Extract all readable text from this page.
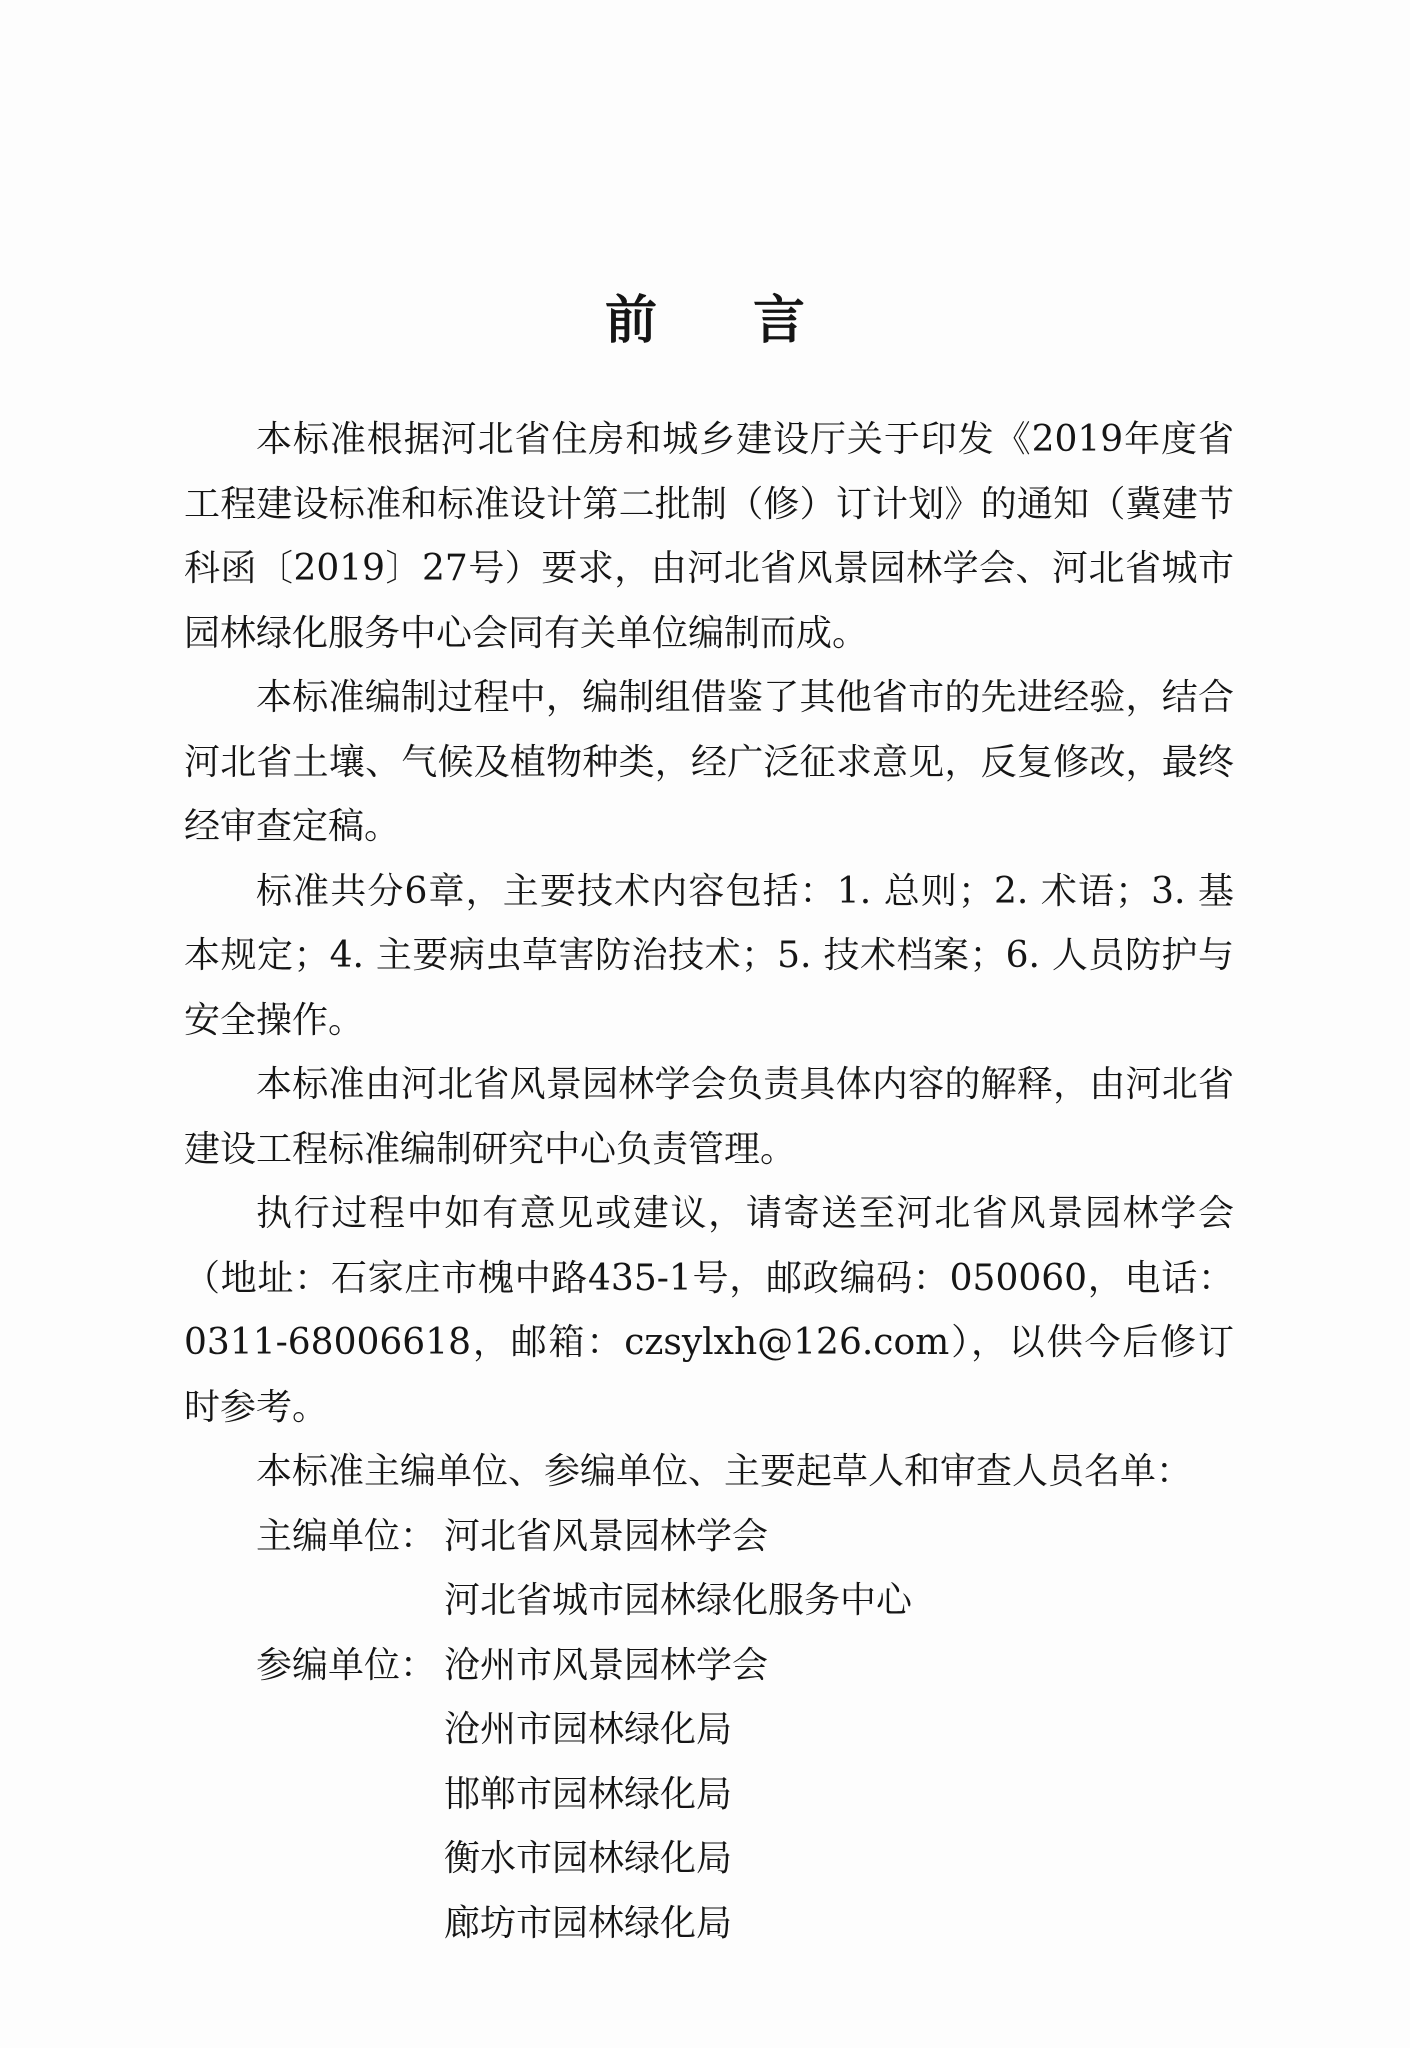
前 言

本标准根据河北省住房和城乡建设厅关于印发《2019年度省工程建设标准和标准设计第二批制（修）订计划》的通知（冀建节科函〔2019〕27号）要求，由河北省风景园林学会、河北省城市园林绿化服务中心会同有关单位编制而成。

本标准编制过程中，编制组借鉴了其他省市的先进经验，结合河北省土壤、气候及植物种类，经广泛征求意见，反复修改，最终经审查定稿。

标准共分6章，主要技术内容包括：1. 总则；2. 术语；3. 基本规定；4. 主要病虫草害防治技术；5. 技术档案；6. 人员防护与安全操作。

本标准由河北省风景园林学会负责具体内容的解释，由河北省建设工程标准编制研究中心负责管理。

执行过程中如有意见或建议，请寄送至河北省风景园林学会（地址：石家庄市槐中路435-1号，邮政编码：050060，电话：0311-68006618，邮箱：czsylxh@126.com），以供今后修订时参考。

本标准主编单位、参编单位、主要起草人和审查人员名单：

主编单位： 河北省风景园林学会
河北省城市园林绿化服务中心
参编单位： 沧州市风景园林学会
沧州市园林绿化局
邯郸市园林绿化局
衡水市园林绿化局
廊坊市园林绿化局
